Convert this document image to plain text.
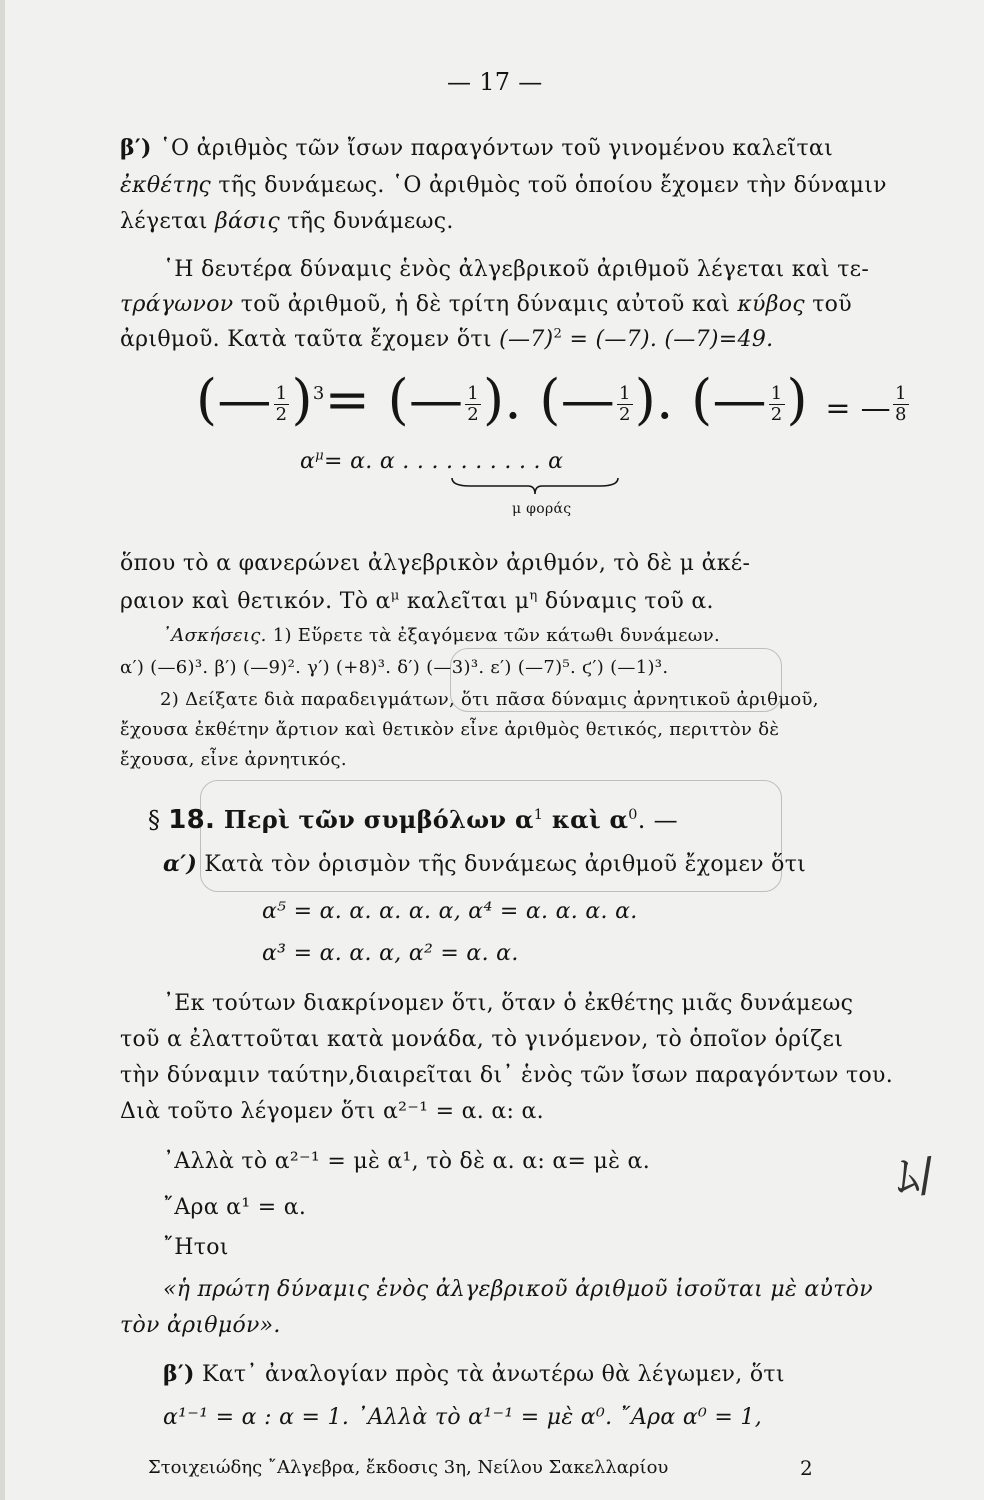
— 17 —
β′) ῾Ο ἀριθμὸς τῶν ἴσων παραγόντων τοῦ γινομένου καλεῖται
ἐκθέτης τῆς δυνάμεως. ῾Ο ἀριθμὸς τοῦ ὁποίου ἔχομεν τὴν δύναμιν
λέγεται βάσις τῆς δυνάμεως.
῾Η δευτέρα δύναμις ἑνὸς ἀλγεβρικοῦ ἀριθμοῦ λέγεται καὶ τε-
τράγωνον τοῦ ἀριθμοῦ, ἡ δὲ τρίτη δύναμις αὐτοῦ καὶ κύβος τοῦ
ἀριθμοῦ. Κατὰ ταῦτα ἔχομεν ὅτι (—7)$^2$ = (—7). (—7)=49.
(— $\frac{1}{2} )^3=$ (— $\frac{1}{2}$ ). (— $\frac{1}{2}$ ). (— $\frac{1}{2}$ ) = — $\frac{1}{8}$
$\alpha^\mu= \alpha$. α . . . . . . . . . . α
μ φοράς
ὅπου τὸ α φανερώνει ἀλγεβρικὸν ἀριθμόν, τὸ δὲ μ ἀκέ-
ραιον καὶ θετικόν. Τὸ $\alpha^\mu$ καλεῖται $\mu^\eta$ δύναμις τοῦ α.
᾿Ασκήσεις. 1) Εὕρετε τὰ ἐξαγόμενα τῶν κάτωθι δυνάμεων.
α′) (—6)³. β′) (—9)². γ′) (+8)³. δ′) (—3)³. ε′) (—7)⁵. ϛ′) (—1)³.
2) Δείξατε διὰ παραδειγμάτων, ὅτι πᾶσα δύναμις ἀρνητικοῦ ἀριθμοῦ,
ἔχουσα ἐκθέτην ἄρτιον καὶ θετικὸν εἶνε ἀριθμὸς θετικός, περιττὸν δὲ
ἔχουσα, εἶνε ἀρνητικός.
§ 18. Περὶ τῶν συμβόλων $\alpha^1$ καὶ $\alpha^0$. —
α′) Κατὰ τὸν ὁρισμὸν τῆς δυνάμεως ἀριθμοῦ ἔχομεν ὅτι
α⁵ = α. α. α. α. α, α⁴ = α. α. α. α.
α³ = α. α. α, α² = α. α.
᾿Εκ τούτων διακρίνομεν ὅτι, ὅταν ὁ ἐκθέτης μιᾶς δυνάμεως
τοῦ α ἐλαττοῦται κατὰ μονάδα, τὸ γινόμενον, τὸ ὁποῖον ὁρίζει
τὴν δύναμιν ταύτην,διαιρεῖται δι᾿ ἑνὸς τῶν ἴσων παραγόντων του.
Διὰ τοῦτο λέγομεν ὅτι α²⁻¹ = α. α: α.
᾿Αλλὰ τὸ α²⁻¹ = μὲ α¹, τὸ δὲ α. α: α= μὲ α.
῎Αρα α¹ = α.
῎Ητοι
«ἡ πρώτη δύναμις ἑνὸς ἀλγεβρικοῦ ἀριθμοῦ ἰσοῦται μὲ αὐτὸν
τὸν ἀριθμόν».
β′) Κατ᾿ ἀναλογίαν πρὸς τὰ ἀνωτέρω θὰ λέγωμεν, ὅτι
α¹⁻¹ = α : α = 1. ᾿Αλλὰ τὸ α¹⁻¹ = μὲ α⁰. ῎Αρα α⁰ = 1,
ﾑ/
Στοιχειώδης ῎Αλγεβρα, ἔκδοσις 3η, Νείλου Σακελλαρίου	2
